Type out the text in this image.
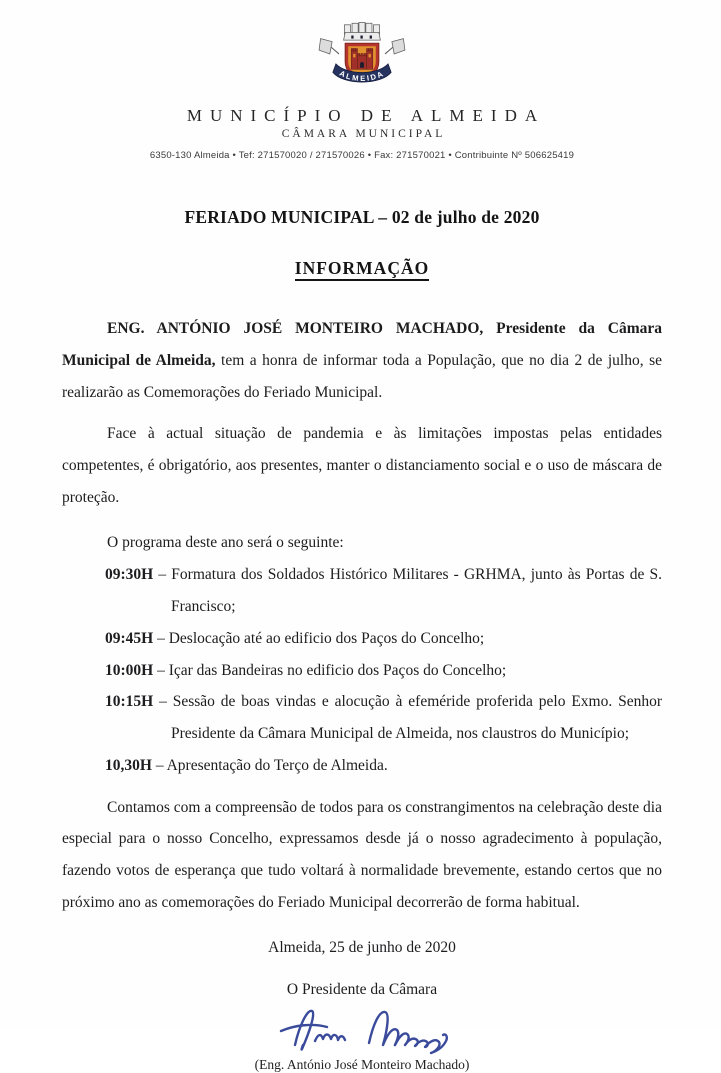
ALMEIDA
MUNICÍPIO DE ALMEIDA
CÂMARA MUNICIPAL
6350-130 Almeida • Tef: 271570020 / 271570026 • Fax: 271570021 • Contribuinte Nº 506625419
FERIADO MUNICIPAL – 02 de julho de 2020
INFORMAÇÃO

ENG. ANTÓNIO JOSÉ MONTEIRO MACHADO, Presidente da Câmara Municipal de Almeida, tem a honra de informar toda a População, que no dia 2 de julho, se realizarão as Comemorações do Feriado Municipal.

Face à actual situação de pandemia e às limitações impostas pelas entidades competentes, é obrigatório, aos presentes, manter o distanciamento social e o uso de máscara de proteção.

O programa deste ano será o seguinte:

09:30H – Formatura dos Soldados Histórico Militares - GRHMA, junto às Portas de S. Francisco;
09:45H – Deslocação até ao edificio dos Paços do Concelho;
10:00H – Içar das Bandeiras no edificio dos Paços do Concelho;
10:15H – Sessão de boas vindas e alocução à efeméride proferida pelo Exmo. Senhor Presidente da Câmara Municipal de Almeida, nos claustros do Município;
10,30H – Apresentação do Terço de Almeida.

Contamos com a compreensão de todos para os constrangimentos na celebração deste dia especial para o nosso Concelho, expressamos desde já o nosso agradecimento à população, fazendo votos de esperança que tudo voltará à normalidade brevemente, estando certos que no próximo ano as comemorações do Feriado Municipal decorrerão de forma habitual.

Almeida, 25 de junho de 2020
O Presidente da Câmara
(Eng. António José Monteiro Machado)
